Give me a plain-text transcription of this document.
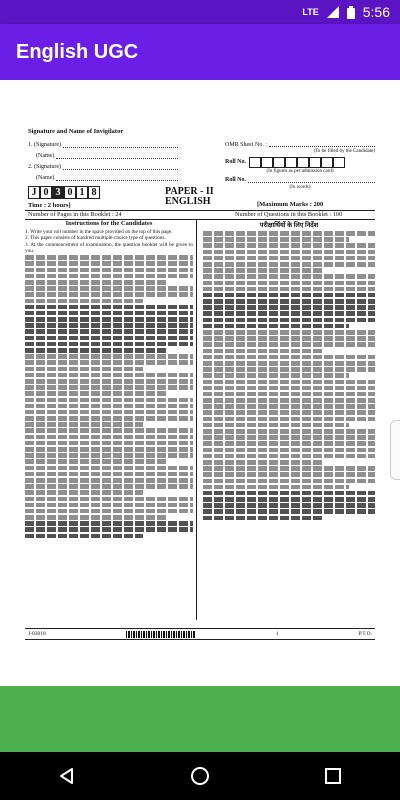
LTE	5:56
English UGC
Signature and Name of Invigilator
1. (Signature)
(Name)
2. (Signature)
(Name)
OMR Sheet No. :
(To be filled by the Candidate)
Roll No.
(In figures as per admission card)
Roll No.
(In words)
J 0 3 0 1 8	PAPER - II
ENGLISH
Time : 2 hours]	[Maximum Marks : 200
Number of Pages in this Booklet : 24	Number of Questions in this Booklet : 100
Instructions for the Candidates
1. Write your roll number in the space provided on the top of this page.
2. This paper consists of hundred multiple-choice type of questions.
3. At the commencement of examination, the question booklet will be given to you.
परीक्षार्थियों के लिए निर्देश
J-03018	1	P.T.O.
